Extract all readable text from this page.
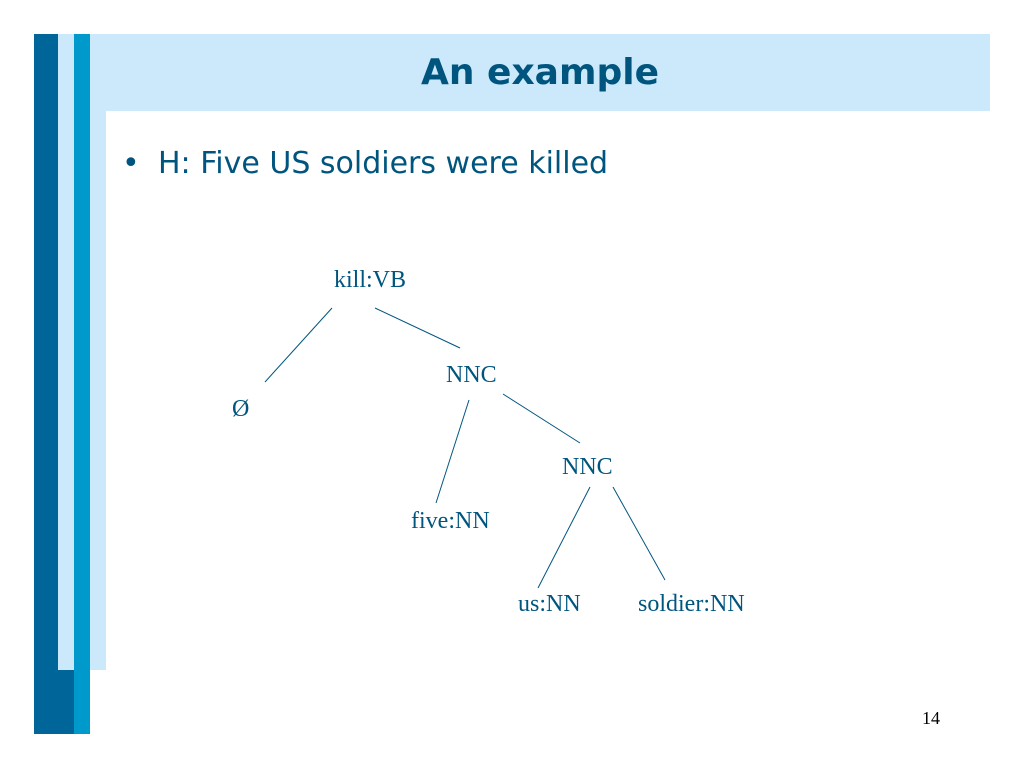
An example
• H: Five US soldiers were killed
kill:VB
Ø
NNC
NNC
five:NN
us:NN soldier:NN
14
